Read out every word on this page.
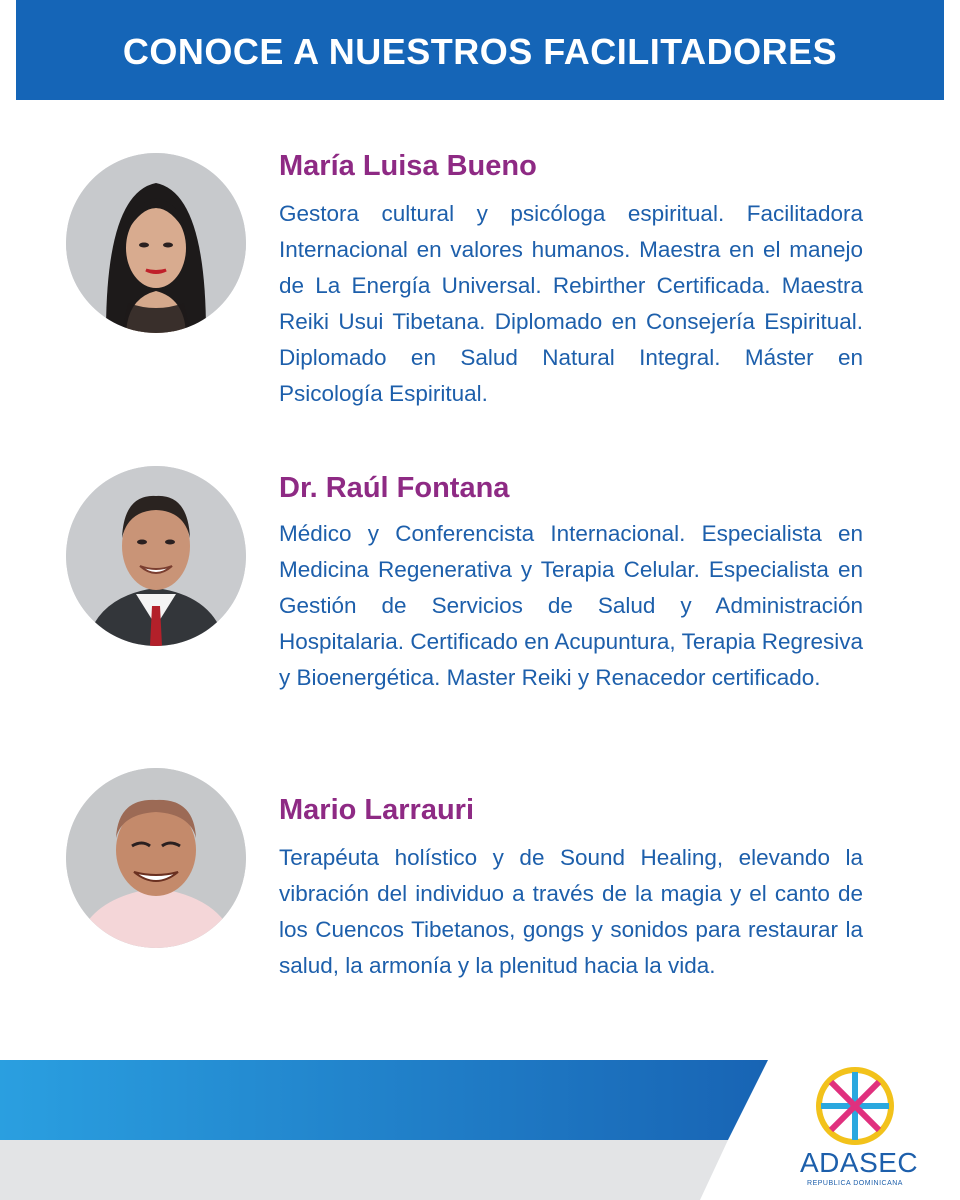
CONOCE A NUESTROS FACILITADORES
María Luisa Bueno

Gestora cultural y psicóloga espiritual. Facilitadora Internacional en valores humanos. Maestra en el manejo de La Energía Universal. Rebirther Certificada. Maestra Reiki Usui Tibetana. Diplomado en Consejería Espiritual. Diplomado en Salud Natural Integral. Máster en Psicología Espiritual.

Dr. Raúl Fontana

Médico y Conferencista Internacional. Especialista en Medicina Regenerativa y Terapia Celular. Especialista en Gestión de Servicios de Salud y Administración Hospitalaria. Certificado en Acupuntura, Terapia Regresiva y Bioenergética. Master Reiki y Renacedor certificado.

Mario Larrauri

Terapéuta holístico y de Sound Healing, elevando la vibración del individuo a través de la magia y el canto de los Cuencos Tibetanos, gongs y sonidos para restaurar la salud, la armonía y la plenitud hacia la vida.

ADASEC
REPUBLICA DOMINICANA
